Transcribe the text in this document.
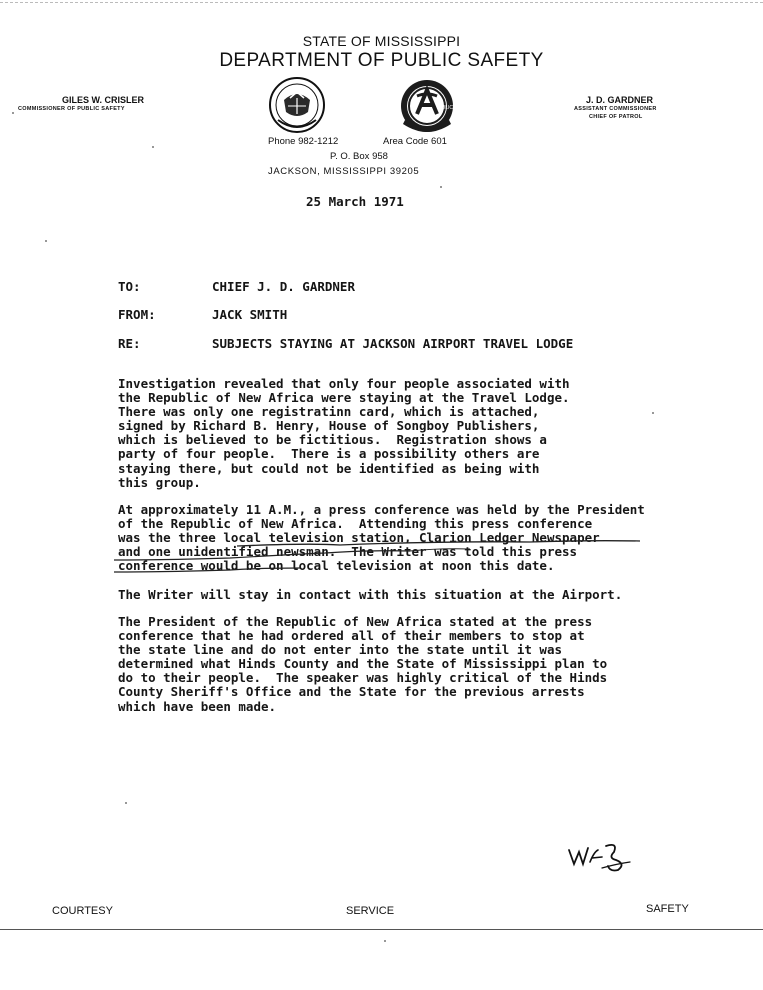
STATE OF MISSISSIPPI
DEPARTMENT OF PUBLIC SAFETY
GILES W. CRISLER
COMMISSIONER OF PUBLIC SAFETY
J. D. GARDNER
ASSISTANT COMMISSIONER
CHIEF OF PATROL
POLICE
Phone 982-1212	Area Code 601
P. O. Box 958
JACKSON, MISSISSIPPI 39205
25 March 1971
TO:	CHIEF J. D. GARDNER
FROM:	JACK SMITH
RE:	SUBJECTS STAYING AT JACKSON AIRPORT TRAVEL LODGE
Investigation revealed that only four people associated with
the Republic of New Africa were staying at the Travel Lodge.
There was only one registratinn card, which is attached,
signed by Richard B. Henry, House of Songboy Publishers,
which is believed to be fictitious.  Registration shows a
party of four people.  There is a possibility others are
staying there, but could not be identified as being with
this group.
At approximately 11 A.M., a press conference was held by the President
of the Republic of New Africa.  Attending this press conference
was the three local television station, Clarion Ledger Newspaper
and one unidentified newsman.  The Writer was told this press
conference would be on local television at noon this date.
The Writer will stay in contact with this situation at the Airport.
The President of the Republic of New Africa stated at the press
conference that he had ordered all of their members to stop at
the state line and do not enter into the state until it was
determined what Hinds County and the State of Mississippi plan to
do to their people.  The speaker was highly critical of the Hinds
County Sheriff's Office and the State for the previous arrests
which have been made.
COURTESY	SERVICE	SAFETY
